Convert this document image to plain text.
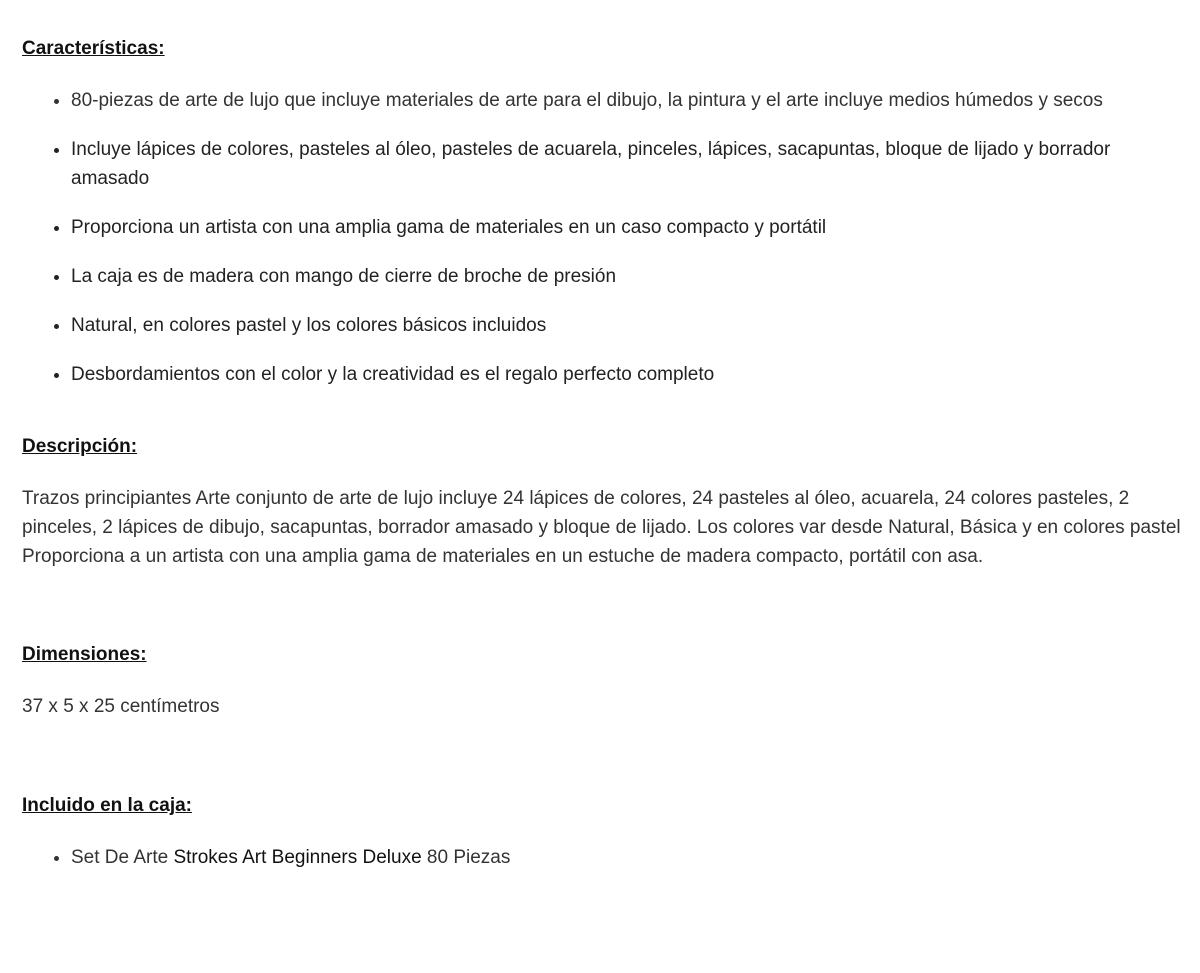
Características:
• 80-piezas de arte de lujo que incluye materiales de arte para el dibujo, la pintura y el arte incluye medios húmedos y secos
• Incluye lápices de colores, pasteles al óleo, pasteles de acuarela, pinceles, lápices, sacapuntas, bloque de lijado y borrador amasado
• Proporciona un artista con una amplia gama de materiales en un caso compacto y portátil
• La caja es de madera con mango de cierre de broche de presión
• Natural, en colores pastel y los colores básicos incluidos
• Desbordamientos con el color y la creatividad es el regalo perfecto completo
Descripción:

Trazos principiantes Arte conjunto de arte de lujo incluye 24 lápices de colores, 24 pasteles al óleo, acuarela, 24 colores pasteles, 2 pinceles, 2 lápices de dibujo, sacapuntas, borrador amasado y bloque de lijado. Los colores var desde Natural, Básica y en colores pastel Proporciona a un artista con una amplia gama de materiales en un estuche de madera compacto, portátil con asa.

Dimensiones:

37 x 5 x 25 centímetros

Incluido en la caja:
• Set De Arte Strokes Art Beginners Deluxe 80 Piezas
